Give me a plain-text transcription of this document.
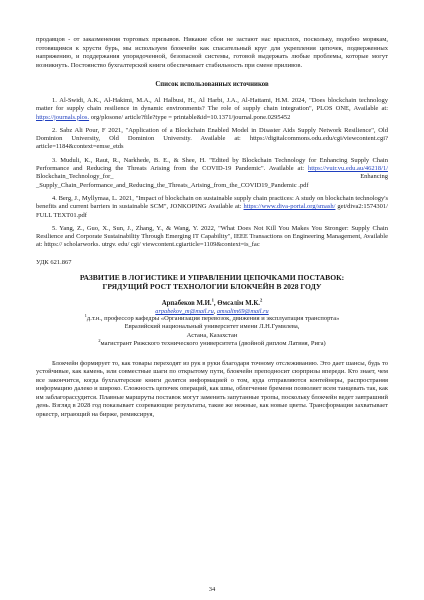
продавцов - от заказменения торговых призывов. Никакие сбои не застают нас врасплох, поскольку, подобно морякам, готовящимся к хрусти бурь, мы используем блокчейн как спасательный круг для укрепления цепочек, подверженных напряжению, и поддержания упорядоченной, безопасной системы, готовой выдержать любые проблемы, которые могут возникнуть. Постоянство бухгалтерской книги обеспечивает стабильность при смене приливов.

Список использованных источников

1. Al-Swidi, A.K., Al-Hakimi, M.A., Al Halbusi, H., Al Harbi, J.A., Al-Hattami, H.M. 2024, "Does blockchain technology matter for supply chain resilience in dynamic environments? The role of supply chain integration", PLOS ONE, Available at: https://journals.plos. org/plosone/ article?file?type = printable&id=10.1371/journal.pone.0295452

2. Sabz Ali Pour, F 2021, "Application of a Blockchain Enabled Model in Disaster Aids Supply Network Resilience", Old Dominion University, Old Dominion University. Available at: https://digitalcommons.odu.edu/cgi/viewcontent.cgi?article=1184&context=emse_etds

3. Muduli, K., Raut, R., Narkhede, B. E., & Shee, H. "Edited by Blockchain Technology for Enhancing Supply Chain Performance and Reducing the Threats Arising from the COVID-19 Pandemic". Available at: https://vuir.vu.edu.au/46218/1/ Blockchain_Technology_for_ Enhancing _Supply_Chain_Performance_and_Reducing_the_Threats_Arising_from_the_COVID19_Pandemic .pdf

4. Berg, J., Myllymaa, L. 2021, "Impact of blockchain on sustainable supply chain practices: A study on blockchain technology's benefits and current barriers in sustainable SCM", JONKOPING Available at: https://www.diva-portal.org/smash/ get/diva2:1574301/ FULL TEXT01.pdf

5. Yang, Z., Guo, X., Sun, J., Zhang, Y., & Wang, Y. 2022, "What Does Not Kill You Makes You Stronger: Supply Chain Resilience and Corporate Sustainability Through Emerging IT Capability", IEEE Transactions on Engineering Management, Available at: https:// scholarworks. utrgv. edu/ cgi/ viewcontent.cgiarticle=1109&context=is_fac

УДК 621.867

РАЗВИТИЕ В ЛОГИСТИКЕ И УПРАВЛЕНИИ ЦЕПОЧКАМИ ПОСТАВОК:
ГРЯДУЩИЙ РОСТ ТЕХНОЛОГИИ БЛОКЧЕЙН В 2028 ГОДУ

Арпабеков М.И.$^1$, Өмсәлім М.К.$^2$

arpabekov_m@mail.ru, amsalim69@mail.ru

$^1$д.т.н., профессор кафедры «Организация перевозок, движения и эксплуатация транспорта»

Евразийский национальный университет имени Л.Н.Гумилева,

Астана, Казахстан

$^2$магистрант Рижского технического университета (двойной диплом Латвия, Рига)

Блокчейн формирует то, как товары переходят из рук в руки благодаря точному отслеживанию. Это дает шансы, будь то устойчивые, как камень, или совместные шаги по открытому пути, блокчейн преподносит сюрпризы впереди. Кто знает, чем все закончится, когда бухгалтерские книги делятся информацией о том, куда отправляются контейнеры, распространяя информацию далеко и широко. Сложность цепочек операций, как швы, облегчение бремени позволяет всем танцевать так, как им заблагорассудится. Плавные маршруты поставок могут заменить запутанные тропы, поскольку блокчейн ведет завтрашний день. Взгляд в 2028 год показывает созревающие результаты, такие же нежные, как новые цветы. Трансформация захватывает оркестр, играющий на бирже, ремиксируя,

34
